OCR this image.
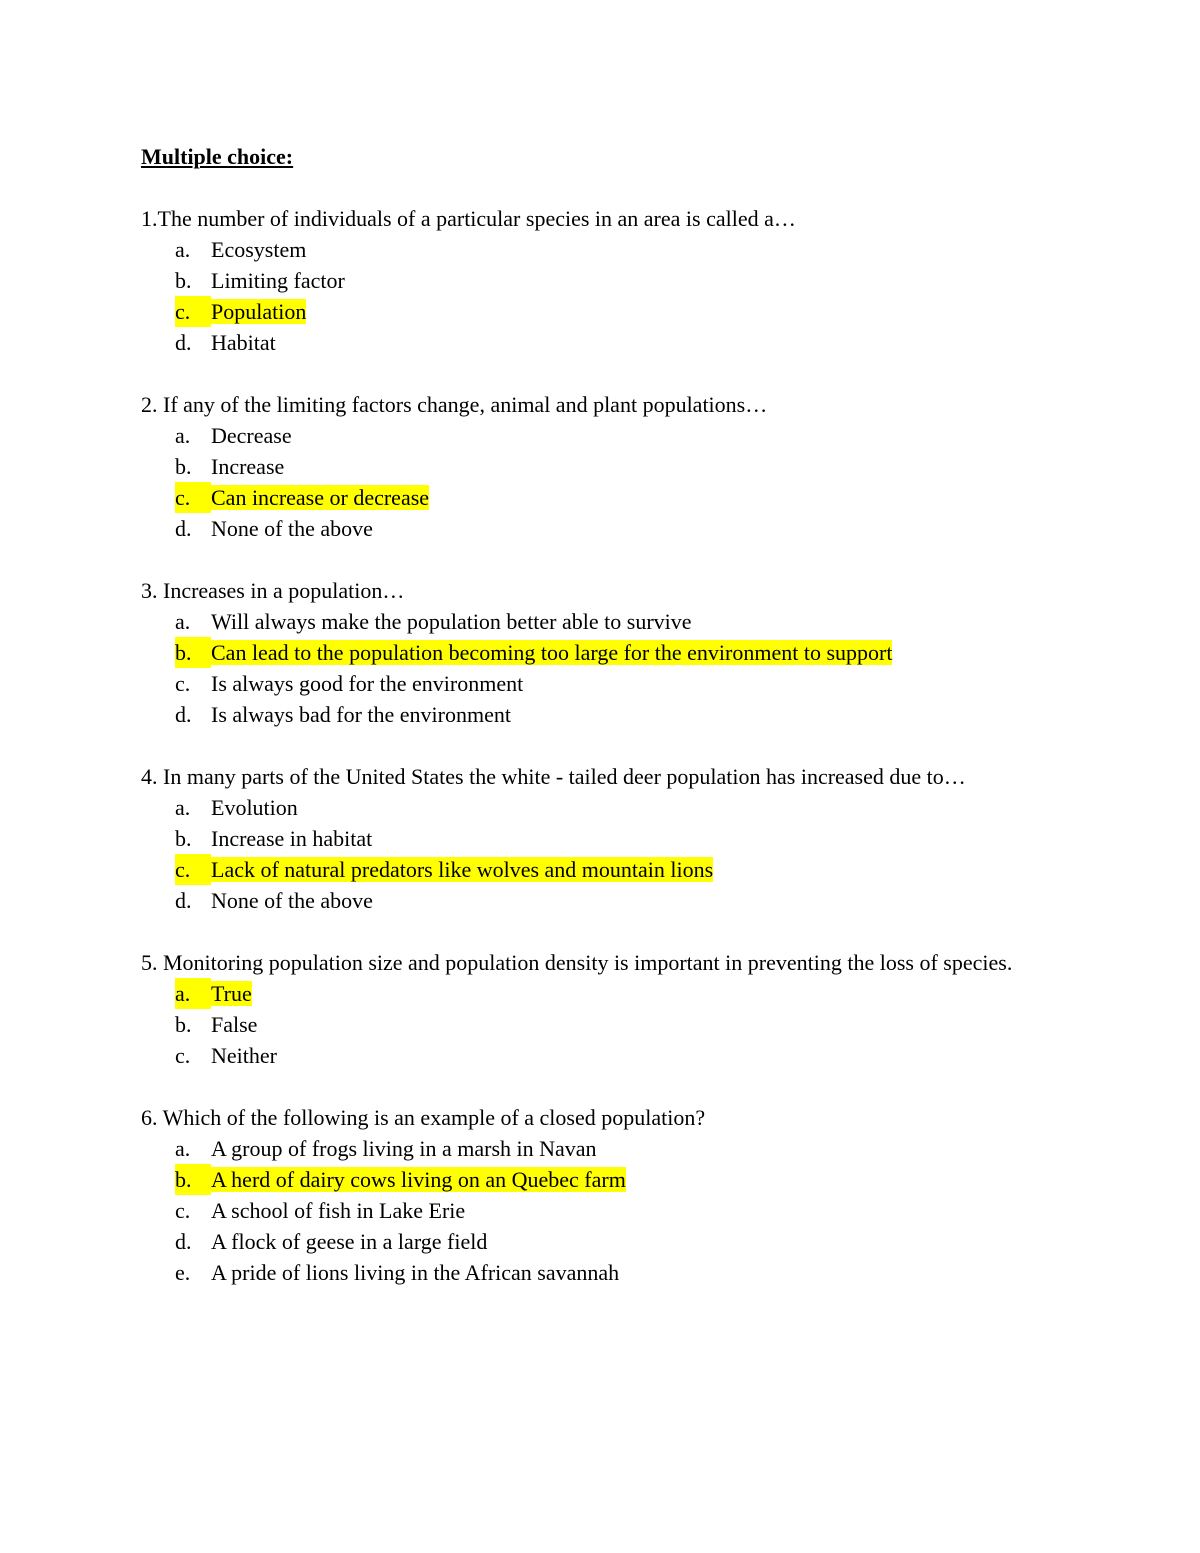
Multiple choice:

1.The number of individuals of a particular species in an area is called a…

a. Ecosystem
b. Limiting factor
c. Population
d. Habitat

2. If any of the limiting factors change, animal and plant populations…

a. Decrease
b. Increase
c. Can increase or decrease
d. None of the above

3. Increases in a population…

a. Will always make the population better able to survive
b. Can lead to the population becoming too large for the environment to support
c. Is always good for the environment
d. Is always bad for the environment

4. In many parts of the United States the white - tailed deer population has increased due to…

a. Evolution
b. Increase in habitat
c. Lack of natural predators like wolves and mountain lions
d. None of the above

5. Monitoring population size and population density is important in preventing the loss of species.

a. True
b. False
c. Neither

6. Which of the following is an example of a closed population?

a. A group of frogs living in a marsh in Navan
b. A herd of dairy cows living on an Quebec farm
c. A school of fish in Lake Erie
d. A flock of geese in a large field
e. A pride of lions living in the African savannah
